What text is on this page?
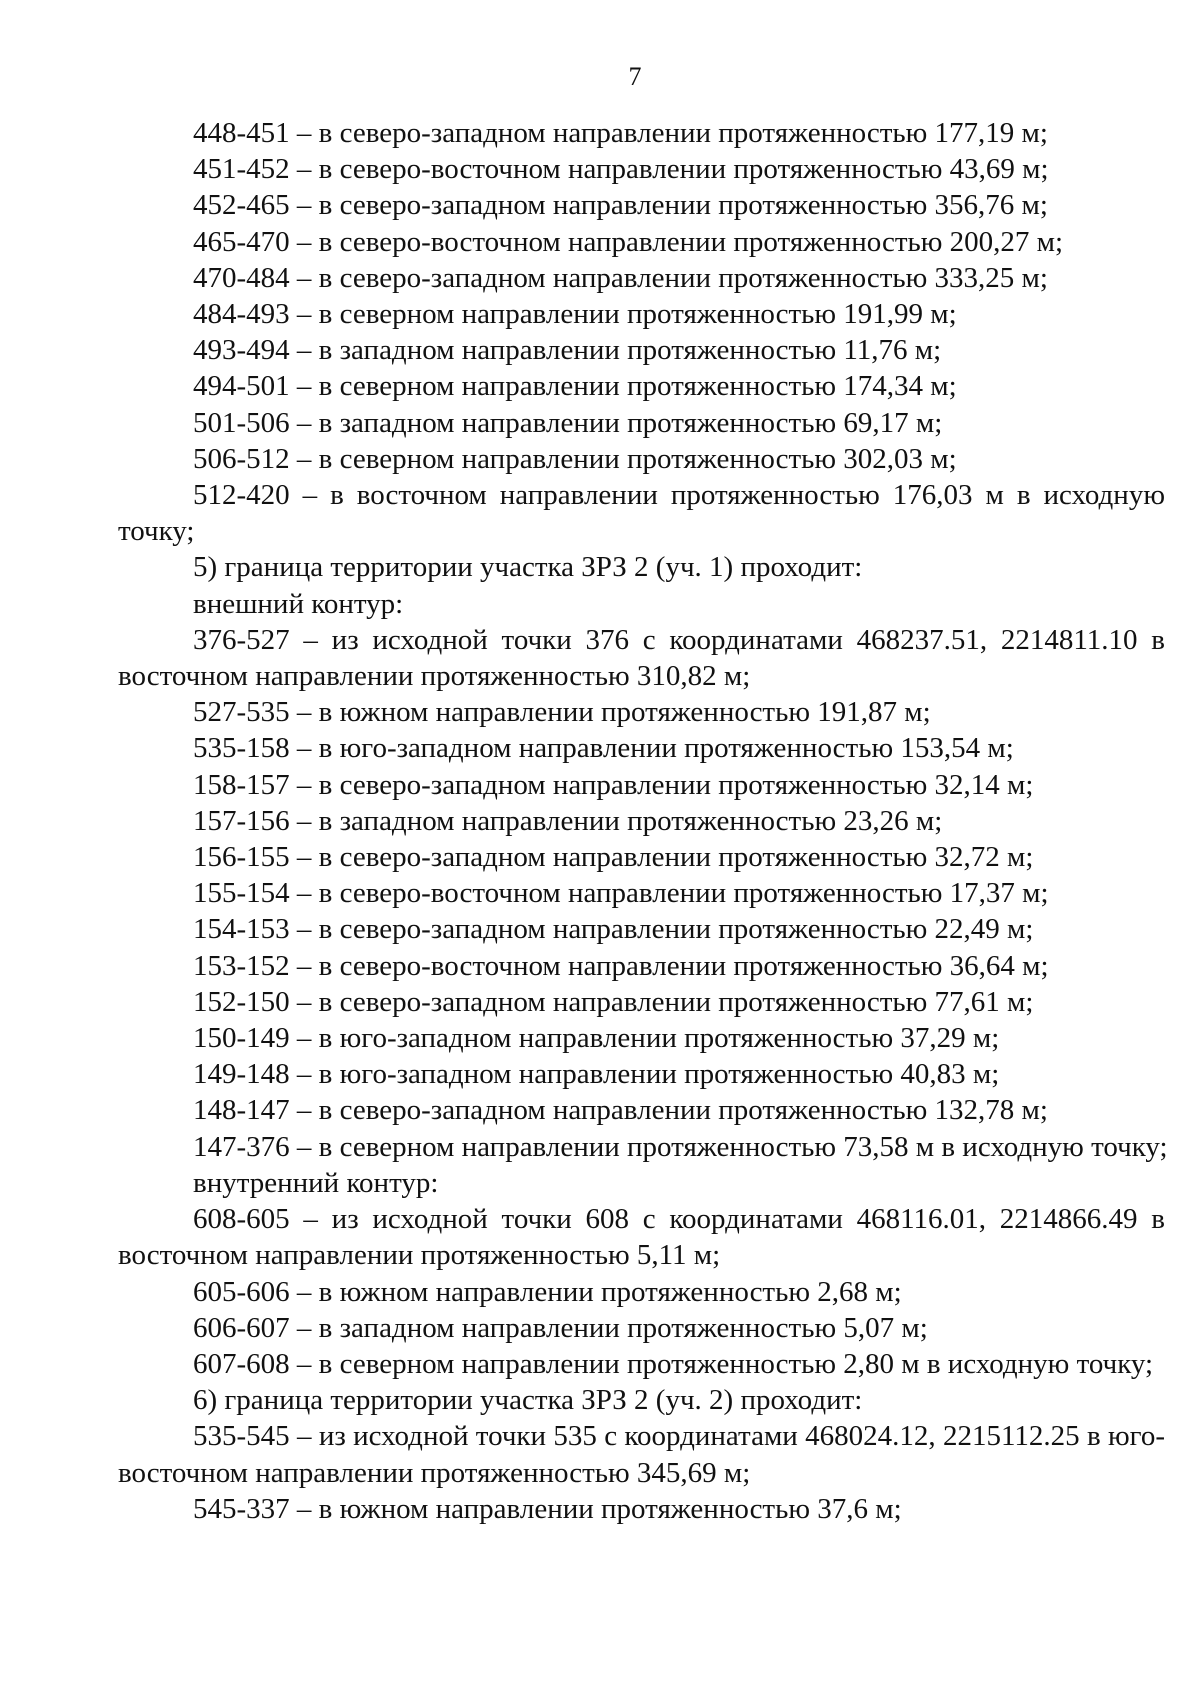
7

448-451 – в северо-западном направлении протяженностью 177,19 м;

451-452 – в северо-восточном направлении протяженностью 43,69 м;

452-465 – в северо-западном направлении протяженностью 356,76 м;

465-470 – в северо-восточном направлении протяженностью 200,27 м;

470-484 – в северо-западном направлении протяженностью 333,25 м;

484-493 – в северном направлении протяженностью 191,99 м;

493-494 – в западном направлении протяженностью 11,76 м;

494-501 – в северном направлении протяженностью 174,34 м;

501-506 – в западном направлении протяженностью 69,17 м;

506-512 – в северном направлении протяженностью 302,03 м;

512-420 – в восточном направлении протяженностью 176,03 м в исходную точку;

5) граница территории участка ЗРЗ 2 (уч. 1) проходит:

внешний контур:

376-527 – из исходной точки 376 с координатами 468237.51, 2214811.10 в восточном направлении протяженностью 310,82 м;

527-535 – в южном направлении протяженностью 191,87 м;

535-158 – в юго-западном направлении протяженностью 153,54 м;

158-157 – в северо-западном направлении протяженностью 32,14 м;

157-156 – в западном направлении протяженностью 23,26 м;

156-155 – в северо-западном направлении протяженностью 32,72 м;

155-154 – в северо-восточном направлении протяженностью 17,37 м;

154-153 – в северо-западном направлении протяженностью 22,49 м;

153-152 – в северо-восточном направлении протяженностью 36,64 м;

152-150 – в северо-западном направлении протяженностью 77,61 м;

150-149 – в юго-западном направлении протяженностью 37,29 м;

149-148 – в юго-западном направлении протяженностью 40,83 м;

148-147 – в северо-западном направлении протяженностью 132,78 м;

147-376 – в северном направлении протяженностью 73,58 м в исходную точку;

внутренний контур:

608-605 – из исходной точки 608 с координатами 468116.01, 2214866.49 в восточном направлении протяженностью 5,11 м;

605-606 – в южном направлении протяженностью 2,68 м;

606-607 – в западном направлении протяженностью 5,07 м;

607-608 – в северном направлении протяженностью 2,80 м в исходную точку;

6) граница территории участка ЗРЗ 2 (уч. 2) проходит:

535-545 – из исходной точки 535 с координатами 468024.12, 2215112.25 в юго-восточном направлении протяженностью 345,69 м;

545-337 – в южном направлении протяженностью 37,6 м;
